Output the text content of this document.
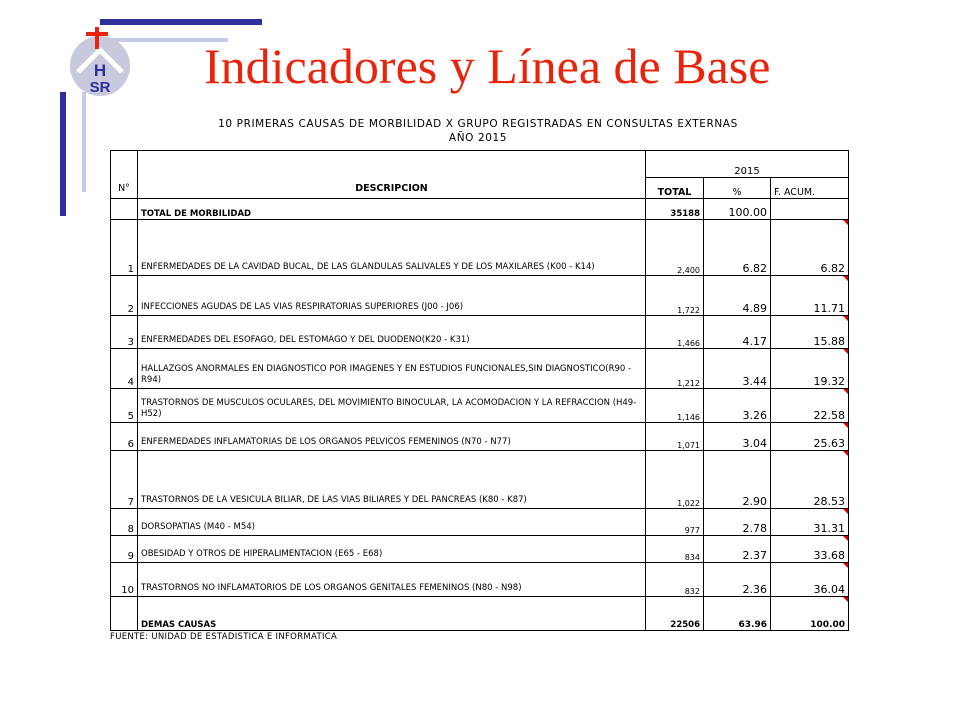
H
SR Indicadores y Línea de Base
10 PRIMERAS CAUSAS DE MORBILIDAD X GRUPO REGISTRADAS EN CONSULTAS EXTERNAS
AÑO 2015
N°	DESCRIPCION	2015		
		TOTAL	%	F. ACUM.
	TOTAL DE MORBILIDAD	35188	100.00	
1	ENFERMEDADES DE LA CAVIDAD BUCAL, DE LAS GLANDULAS SALIVALES Y DE LOS MAXILARES (K00 - K14)	2,400	6.82	6.82
2	INFECCIONES AGUDAS DE LAS VIAS RESPIRATORIAS SUPERIORES (J00 - J06)	1,722	4.89	11.71
3	ENFERMEDADES DEL ESOFAGO, DEL ESTOMAGO Y DEL DUODENO(K20 - K31)	1,466	4.17	15.88
4	HALLAZGOS ANORMALES EN DIAGNOSTICO POR IMAGENES Y EN ESTUDIOS FUNCIONALES,SIN DIAGNOSTICO(R90 - R94)	1,212	3.44	19.32
5	TRASTORNOS DE MUSCULOS OCULARES, DEL MOVIMIENTO BINOCULAR, LA ACOMODACION Y LA REFRACCION (H49-H52)	1,146	3.26	22.58
6	ENFERMEDADES INFLAMATORIAS DE LOS ORGANOS PELVICOS FEMENINOS (N70 - N77)	1,071	3.04	25.63
7	TRASTORNOS DE LA VESICULA BILIAR, DE LAS VIAS BILIARES Y DEL PANCREAS (K80 - K87)	1,022	2.90	28.53
8	DORSOPATIAS (M40 - M54)	977	2.78	31.31
9	OBESIDAD Y OTROS DE HIPERALIMENTACION (E65 - E68)	834	2.37	33.68
10	TRASTORNOS NO INFLAMATORIOS DE LOS ORGANOS GENITALES FEMENINOS (N80 - N98)	832	2.36	36.04
	DEMAS CAUSAS	22506	63.96	100.00
FUENTE: UNIDAD DE ESTADISTICA E INFORMATICA
